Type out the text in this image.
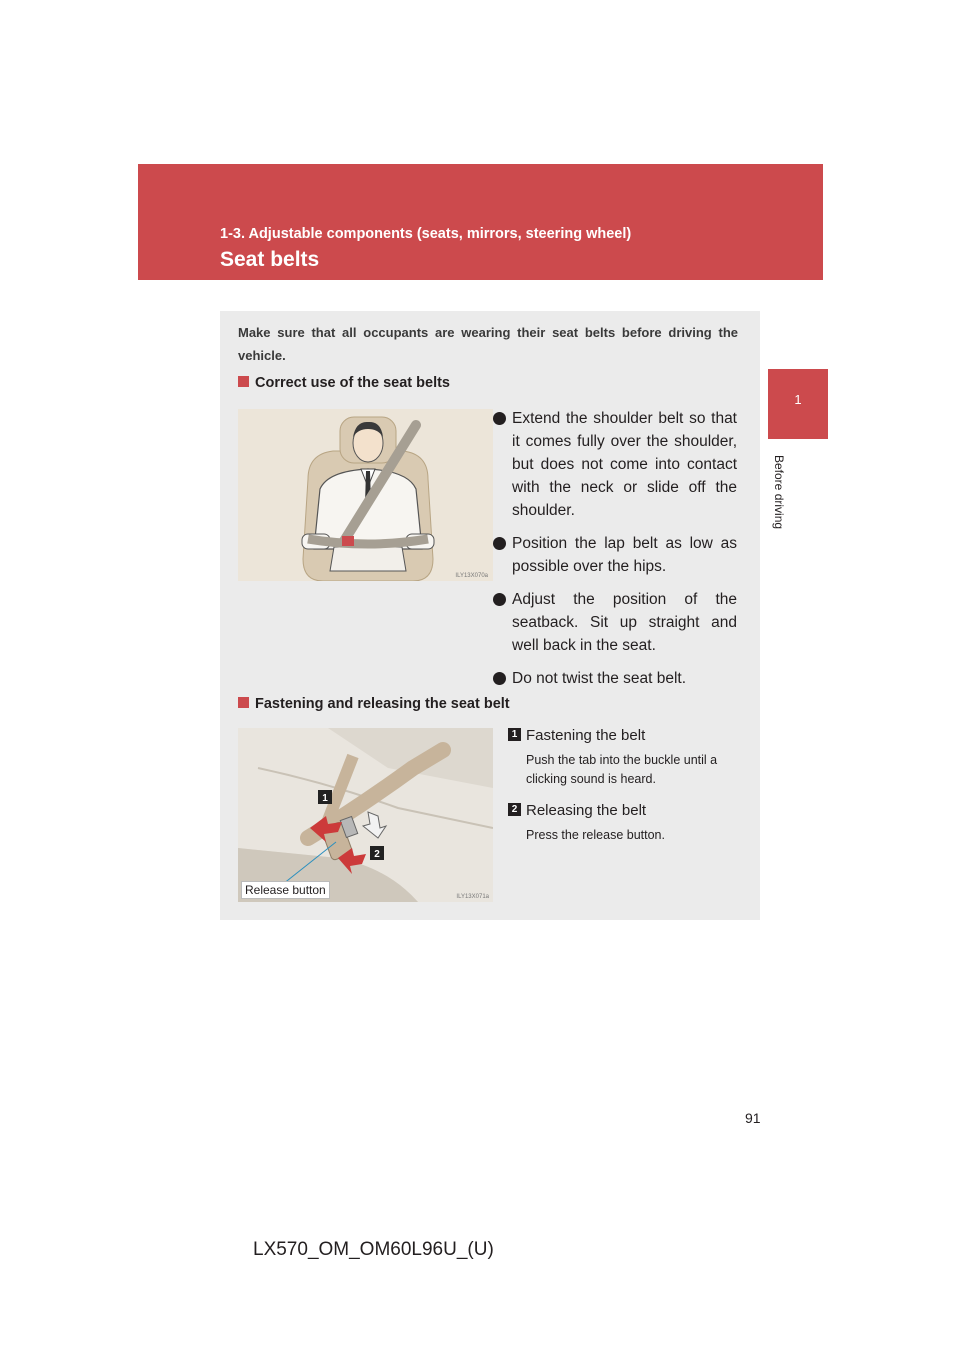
1-3. Adjustable components (seats, mirrors, steering wheel)
Seat belts
1
Before driving
Make sure that all occupants are wearing their seat belts before driving the vehicle.
Correct use of the seat belts
ILY13X070a
Extend the shoulder belt so that it comes fully over the shoulder, but does not come into contact with the neck or slide off the shoulder.
Position the lap belt as low as possible over the hips.
Adjust the position of the seatback. Sit up straight and well back in the seat.
Do not twist the seat belt.
Fastening and releasing the seat belt
1
2
Release button	ILY13X071a
1 Fastening the belt
Push the tab into the buckle until a clicking sound is heard.
2 Releasing the belt
Press the release button.
91
LX570_OM_OM60L96U_(U)
